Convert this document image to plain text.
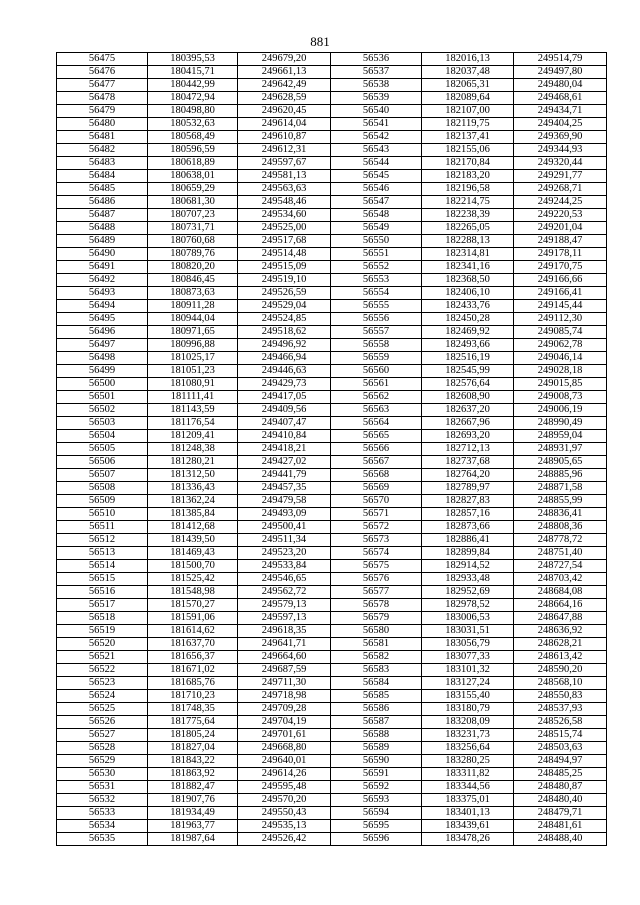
881
56475	180395,53	249679,20	56536	182016,13	249514,79
56476	180415,71	249661,13	56537	182037,48	249497,80
56477	180442,99	249642,49	56538	182065,31	249480,04
56478	180472,94	249628,59	56539	182089,64	249468,61
56479	180498,80	249620,45	56540	182107,00	249434,71
56480	180532,63	249614,04	56541	182119,75	249404,25
56481	180568,49	249610,87	56542	182137,41	249369,90
56482	180596,59	249612,31	56543	182155,06	249344,93
56483	180618,89	249597,67	56544	182170,84	249320,44
56484	180638,01	249581,13	56545	182183,20	249291,77
56485	180659,29	249563,63	56546	182196,58	249268,71
56486	180681,30	249548,46	56547	182214,75	249244,25
56487	180707,23	249534,60	56548	182238,39	249220,53
56488	180731,71	249525,00	56549	182265,05	249201,04
56489	180760,68	249517,68	56550	182288,13	249188,47
56490	180789,76	249514,48	56551	182314,81	249178,11
56491	180820,20	249515,09	56552	182341,16	249170,75
56492	180846,45	249519,10	56553	182368,50	249166,66
56493	180873,63	249526,59	56554	182406,10	249166,41
56494	180911,28	249529,04	56555	182433,76	249145,44
56495	180944,04	249524,85	56556	182450,28	249112,30
56496	180971,65	249518,62	56557	182469,92	249085,74
56497	180996,88	249496,92	56558	182493,66	249062,78
56498	181025,17	249466,94	56559	182516,19	249046,14
56499	181051,23	249446,63	56560	182545,99	249028,18
56500	181080,91	249429,73	56561	182576,64	249015,85
56501	181111,41	249417,05	56562	182608,90	249008,73
56502	181143,59	249409,56	56563	182637,20	249006,19
56503	181176,54	249407,47	56564	182667,96	248990,49
56504	181209,41	249410,84	56565	182693,20	248959,04
56505	181248,38	249418,21	56566	182712,13	248931,97
56506	181280,21	249427,02	56567	182737,68	248905,65
56507	181312,50	249441,79	56568	182764,20	248885,96
56508	181336,43	249457,35	56569	182789,97	248871,58
56509	181362,24	249479,58	56570	182827,83	248855,99
56510	181385,84	249493,09	56571	182857,16	248836,41
56511	181412,68	249500,41	56572	182873,66	248808,36
56512	181439,50	249511,34	56573	182886,41	248778,72
56513	181469,43	249523,20	56574	182899,84	248751,40
56514	181500,70	249533,84	56575	182914,52	248727,54
56515	181525,42	249546,65	56576	182933,48	248703,42
56516	181548,98	249562,72	56577	182952,69	248684,08
56517	181570,27	249579,13	56578	182978,52	248664,16
56518	181591,06	249597,13	56579	183006,53	248647,88
56519	181614,62	249618,35	56580	183031,51	248636,92
56520	181637,70	249641,71	56581	183056,79	248628,21
56521	181656,37	249664,60	56582	183077,33	248613,42
56522	181671,02	249687,59	56583	183101,32	248590,20
56523	181685,76	249711,30	56584	183127,24	248568,10
56524	181710,23	249718,98	56585	183155,40	248550,83
56525	181748,35	249709,28	56586	183180,79	248537,93
56526	181775,64	249704,19	56587	183208,09	248526,58
56527	181805,24	249701,61	56588	183231,73	248515,74
56528	181827,04	249668,80	56589	183256,64	248503,63
56529	181843,22	249640,01	56590	183280,25	248494,97
56530	181863,92	249614,26	56591	183311,82	248485,25
56531	181882,47	249595,48	56592	183344,56	248480,87
56532	181907,76	249570,20	56593	183375,01	248480,40
56533	181934,49	249550,43	56594	183401,13	248479,71
56534	181963,77	249535,13	56595	183439,61	248481,61
56535	181987,64	249526,42	56596	183478,26	248488,40
